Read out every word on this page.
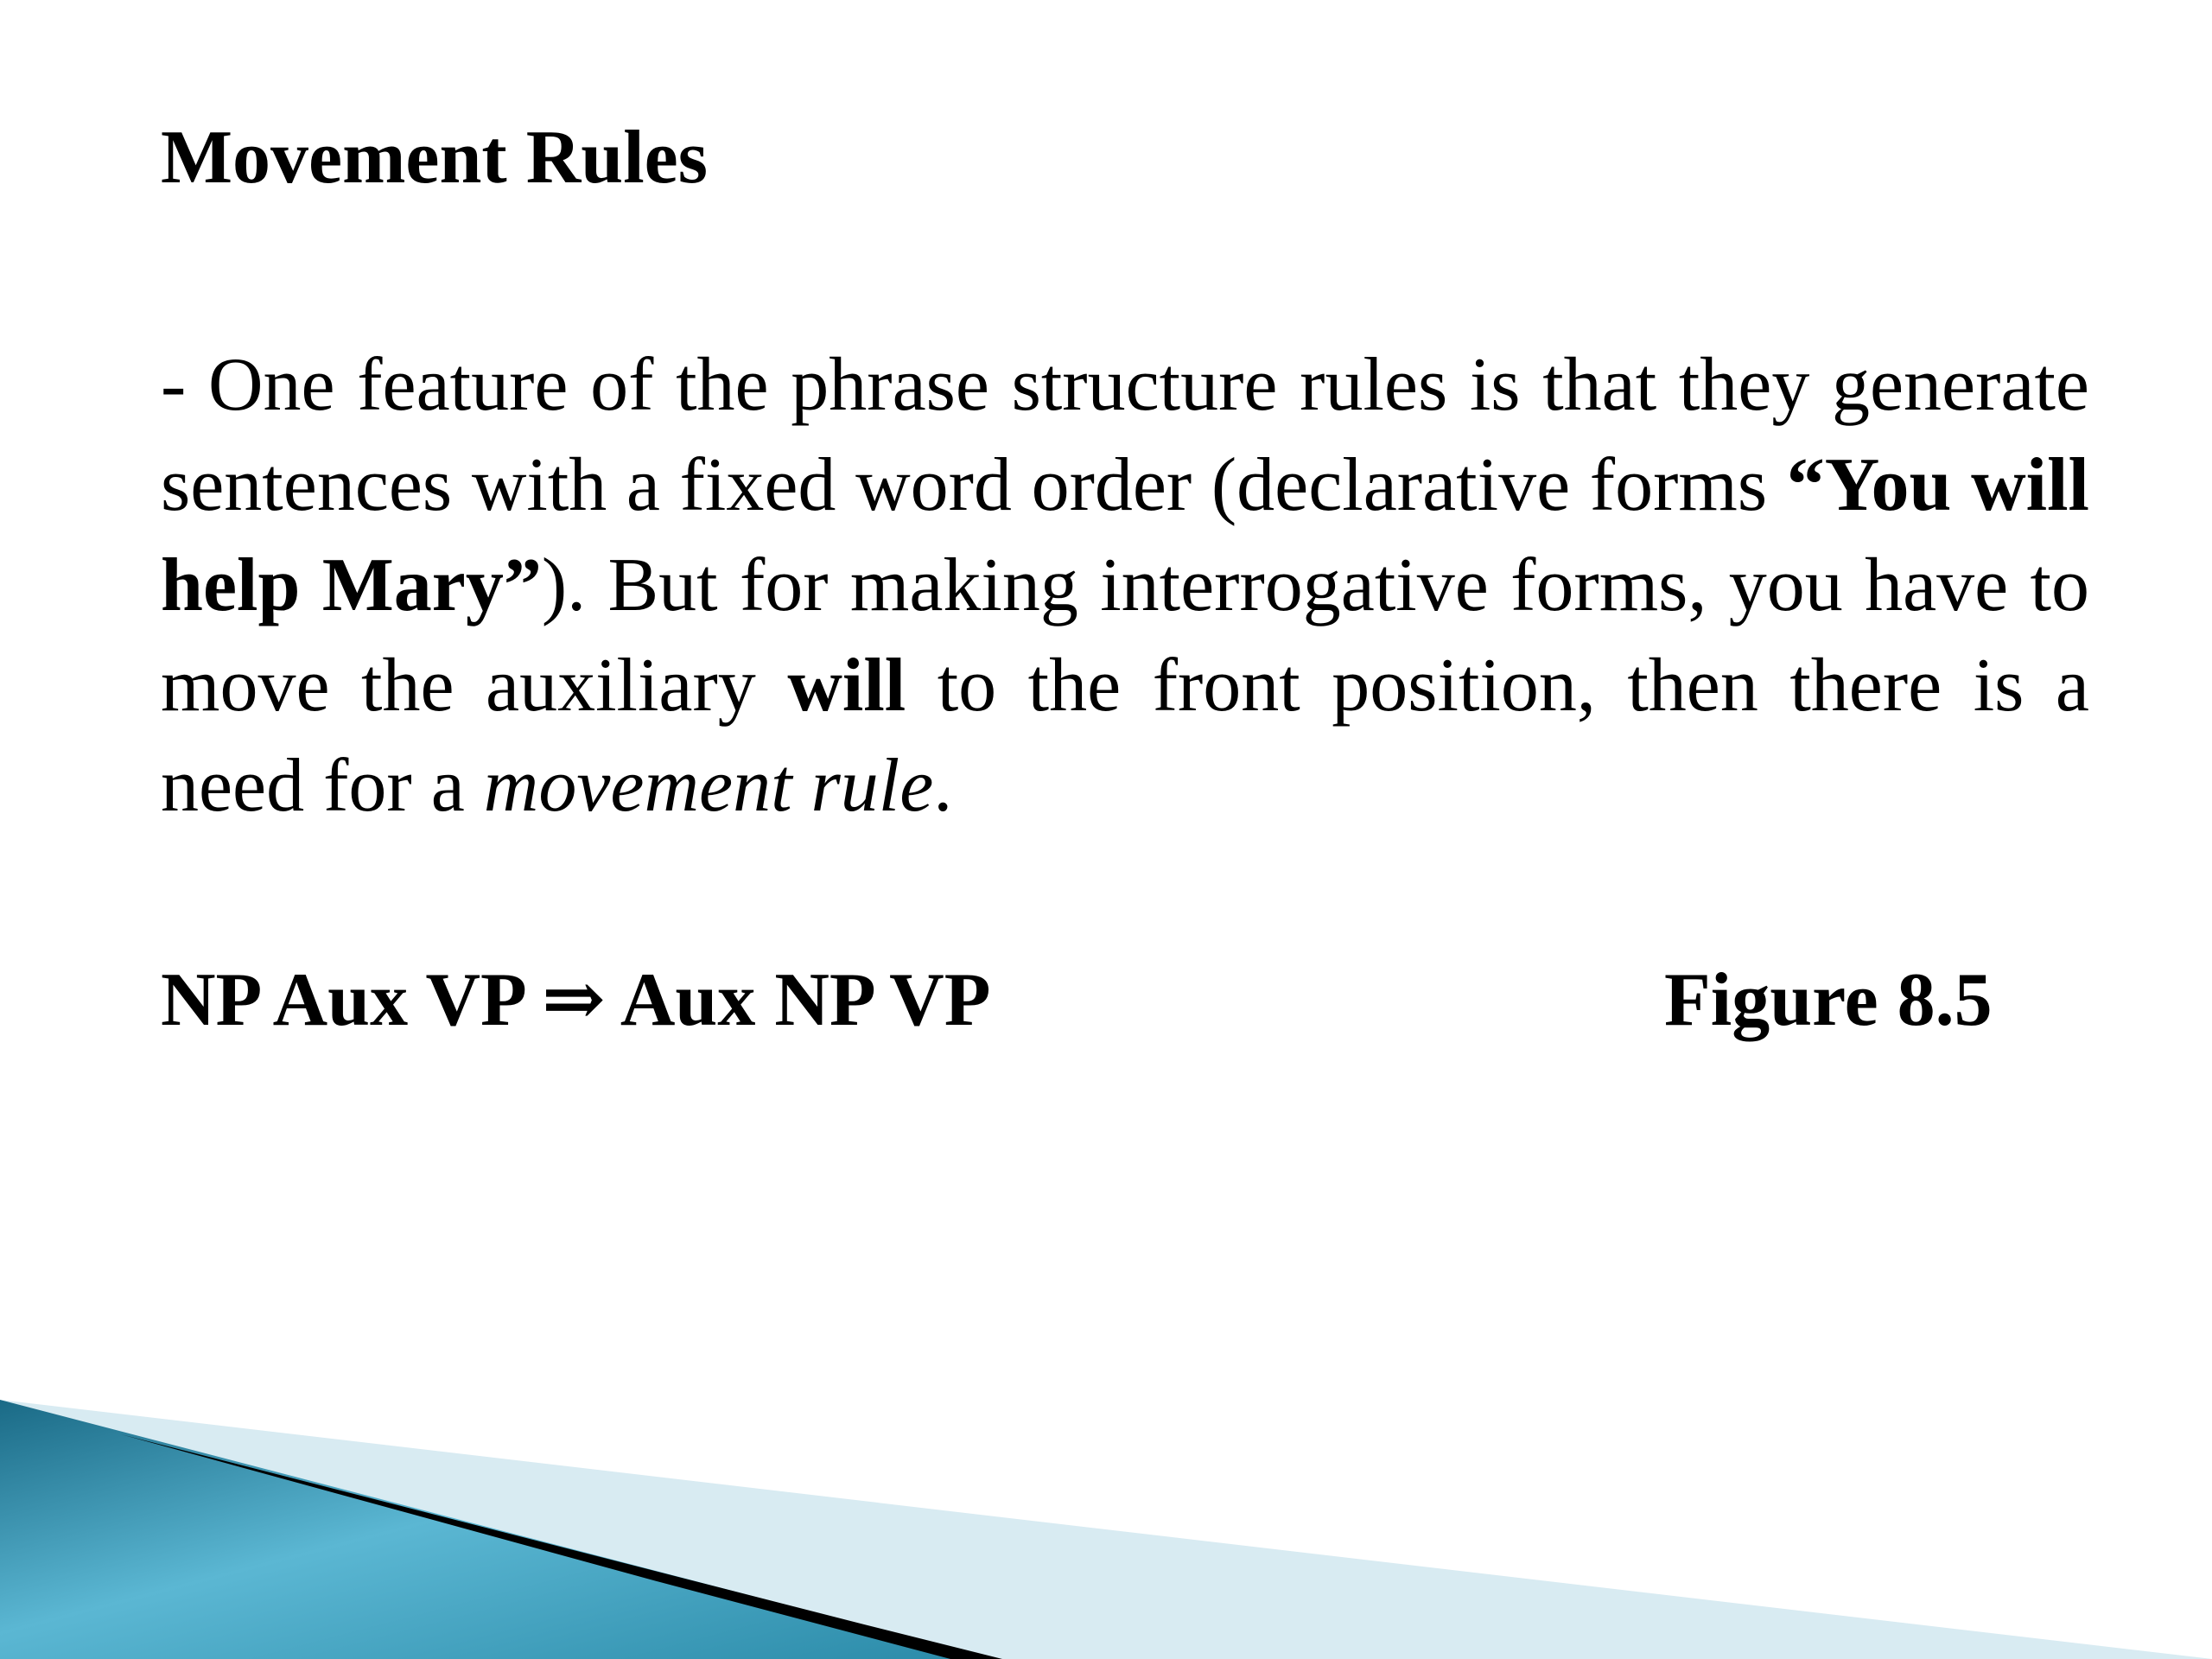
Movement Rules

- One feature of the phrase structure rules is that they generate sentences with a fixed word order (declarative forms “You will help Mary”). But for making interrogative forms, you have to move the auxiliary will to the front position, then there is a need for a movement rule.

NP Aux VP ⇒ Aux NP VP	Figure 8.5
